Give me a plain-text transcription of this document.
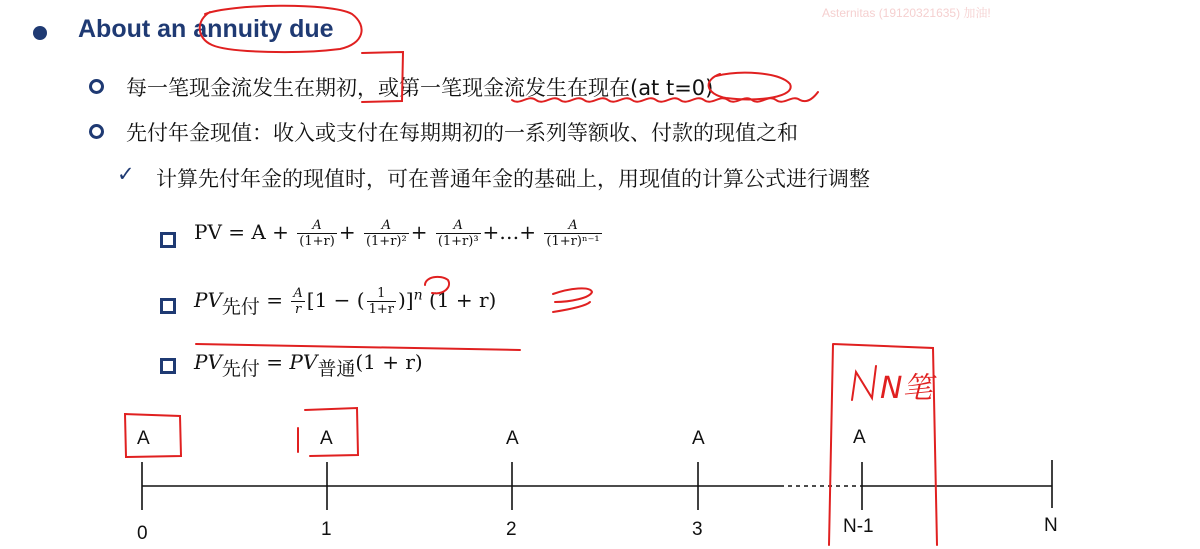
Asternitas (19120321635) 加油!
About an annuity due
每一笔现金流发生在期初，或第一笔现金流发生在现在(at t=0)
先付年金现值：收入或支付在每期期初的一系列等额收、付款的现值之和
✓ 计算先付年金的现值时，可在普通年金的基础上，用现值的计算公式进行调整
PV = $A + \frac{A}{(1+r)} + \frac{A}{\text{(1+r)²}} + \frac{A}{\text{(1+r)³}}$ +…+ $\frac{A}{\text{(1+r)ⁿ⁻¹}}$
PV先付 = $\frac{A}{r} [1$ − ( $\frac{1}{1+r} )]^n$ (1 + r)
PV先付 = PV普通(1 + r)
A	A	A	A	A
0	1	2	3	N-1	N
N笔
